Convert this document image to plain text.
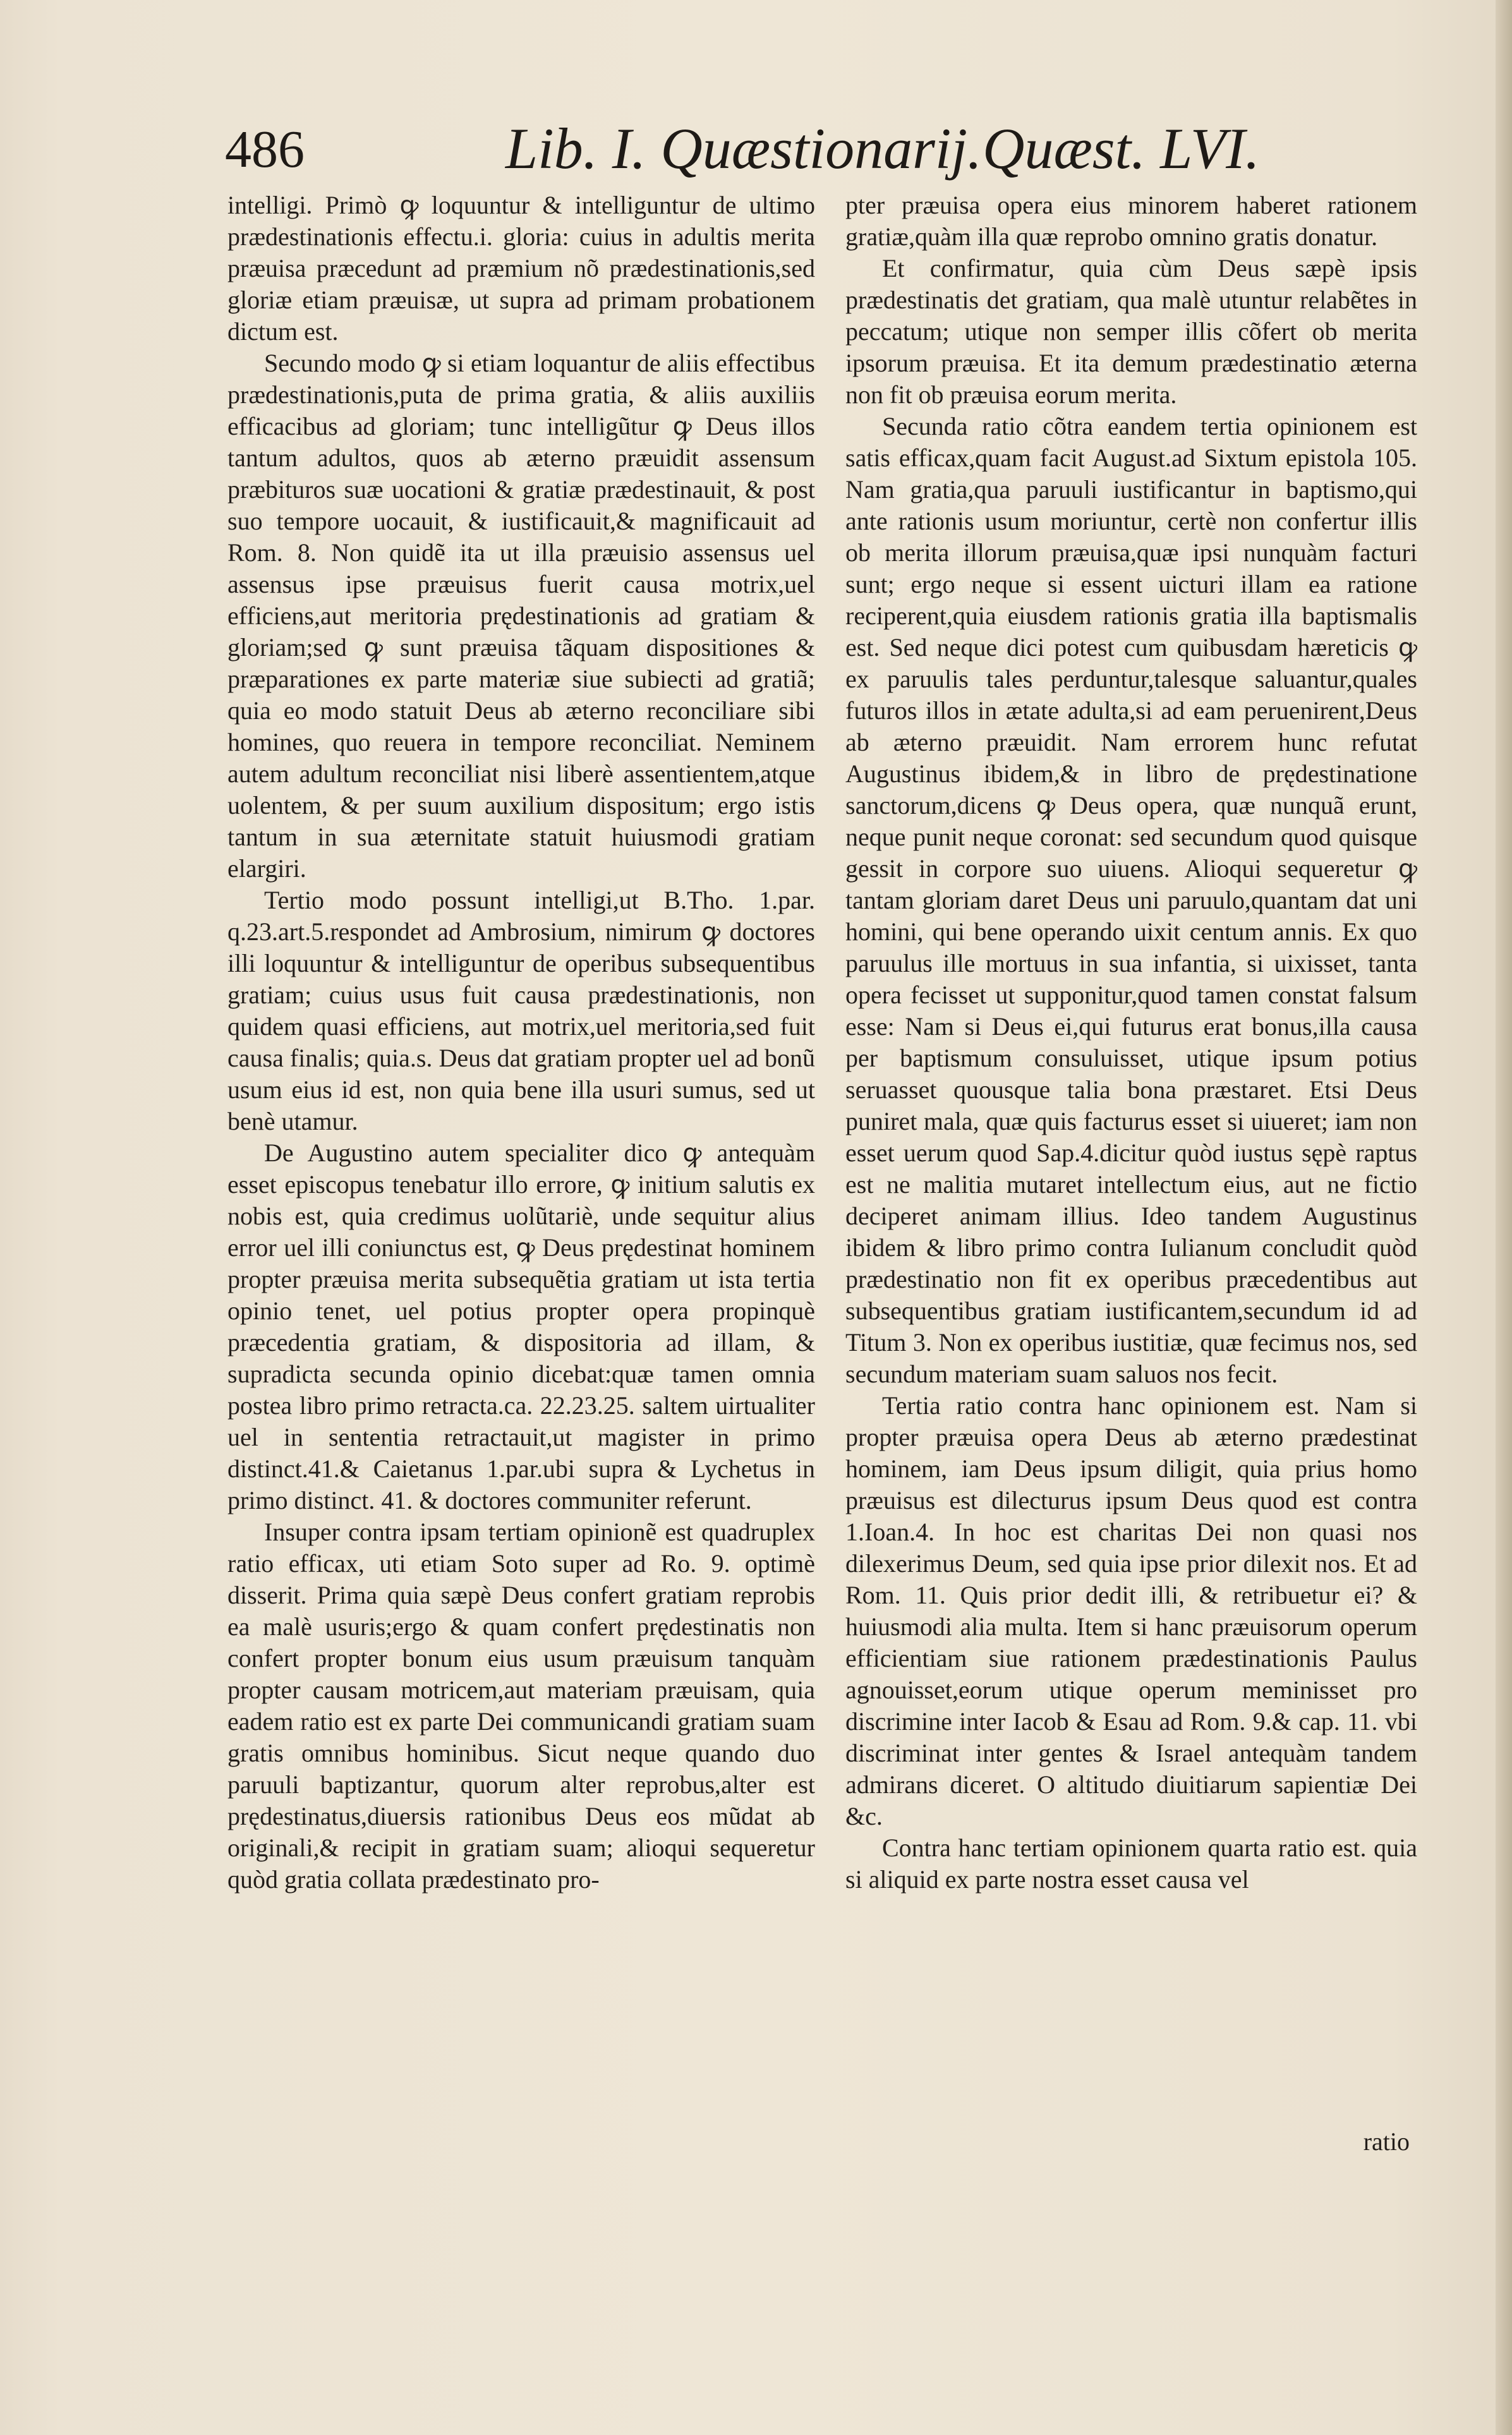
486	Lib. I. Quæstionarij. Quæst. LVI.

intelligi. Primò ꝙ loquuntur & intelliguntur de ultimo prædestinationis effectu.i. gloria: cuius in adultis merita præuisa præcedunt ad præmium nõ prædestinationis,sed gloriæ etiam præuisæ, ut supra ad primam probationem dictum est.

Secundo modo ꝙ si etiam loquantur de aliis effectibus prædestinationis,puta de prima gratia, & aliis auxiliis efficacibus ad gloriam; tunc intelligũtur ꝙ Deus illos tantum adultos, quos ab æterno præuidit assensum præbituros suæ uocationi & gratiæ prædestinauit, & post suo tempore uocauit, & iustificauit,& magnificauit ad Rom. 8. Non quidẽ ita ut illa præuisio assensus uel assensus ipse præuisus fuerit causa motrix,uel efficiens,aut meritoria prędestinationis ad gratiam & gloriam;sed ꝙ sunt præuisa tãquam dispositiones & præparationes ex parte materiæ siue subiecti ad gratiã; quia eo modo statuit Deus ab æterno reconciliare sibi homines, quo reuera in tempore reconciliat. Neminem autem adultum reconciliat nisi liberè assentientem,atque uolentem, & per suum auxilium dispositum; ergo istis tantum in sua æternitate statuit huiusmodi gratiam elargiri.

Tertio modo possunt intelligi,ut B.Tho. 1.par. q.23.art.5.respondet ad Ambrosium, nimirum ꝙ doctores illi loquuntur & intelliguntur de operibus subsequentibus gratiam; cuius usus fuit causa prædestinationis, non quidem quasi efficiens, aut motrix,uel meritoria,sed fuit causa finalis; quia.s. Deus dat gratiam propter uel ad bonũ usum eius id est, non quia bene illa usuri sumus, sed ut benè utamur.

De Augustino autem specialiter dico ꝙ antequàm esset episcopus tenebatur illo errore, ꝙ initium salutis ex nobis est, quia credimus uolũtariè, unde sequitur alius error uel illi coniunctus est, ꝙ Deus prędestinat hominem propter præuisa merita subsequẽtia gratiam ut ista tertia opinio tenet, uel potius propter opera propinquè præcedentia gratiam, & dispositoria ad illam, & supradicta secunda opinio dicebat:quæ tamen omnia postea libro primo retracta.ca. 22.23.25. saltem uirtualiter uel in sententia retractauit,ut magister in primo distinct.41.& Caietanus 1.par.ubi supra & Lychetus in primo distinct. 41. & doctores communiter referunt.

Insuper contra ipsam tertiam opinionẽ est quadruplex ratio efficax, uti etiam Soto super ad Ro. 9. optimè disserit. Prima quia sæpè Deus confert gratiam reprobis ea malè usuris;ergo & quam confert prędestinatis non confert propter bonum eius usum præuisum tanquàm propter causam motricem,aut materiam præuisam, quia eadem ratio est ex parte Dei communicandi gratiam suam gratis omnibus hominibus. Sicut neque quando duo paruuli baptizantur, quorum alter reprobus,alter est prędestinatus,diuersis rationibus Deus eos mũdat ab originali,& recipit in gratiam suam; alioqui sequeretur quòd gratia collata prædestinato pro-

pter præuisa opera eius minorem haberet rationem gratiæ,quàm illa quæ reprobo omnino gratis donatur.

Et confirmatur, quia cùm Deus sæpè ipsis prædestinatis det gratiam, qua malè utuntur relabẽtes in peccatum; utique non semper illis cõfert ob merita ipsorum præuisa. Et ita demum prædestinatio æterna non fit ob præuisa eorum merita.

Secunda ratio cõtra eandem tertia opinionem est satis efficax,quam facit August.ad Sixtum epistola 105. Nam gratia,qua paruuli iustificantur in baptismo,qui ante rationis usum moriuntur, certè non confertur illis ob merita illorum præuisa,quæ ipsi nunquàm facturi sunt; ergo neque si essent uicturi illam ea ratione reciperent,quia eiusdem rationis gratia illa baptismalis est. Sed neque dici potest cum quibusdam hæreticis ꝙ ex paruulis tales perduntur,talesque saluantur,quales futuros illos in ætate adulta,si ad eam peruenirent,Deus ab æterno præuidit. Nam errorem hunc refutat Augustinus ibidem,& in libro de prędestinatione sanctorum,dicens ꝙ Deus opera, quæ nunquã erunt, neque punit neque coronat: sed secundum quod quisque gessit in corpore suo uiuens. Alioqui sequeretur ꝙ tantam gloriam daret Deus uni paruulo,quantam dat uni homini, qui bene operando uixit centum annis. Ex quo paruulus ille mortuus in sua infantia, si uixisset, tanta opera fecisset ut supponitur,quod tamen constat falsum esse: Nam si Deus ei,qui futurus erat bonus,illa causa per baptismum consuluisset, utique ipsum potius seruasset quousque talia bona præstaret. Etsi Deus puniret mala, quæ quis facturus esset si uiueret; iam non esset uerum quod Sap.4.dicitur quòd iustus sępè raptus est ne malitia mutaret intellectum eius, aut ne fictio deciperet animam illius. Ideo tandem Augustinus ibidem & libro primo contra Iulianum concludit quòd prædestinatio non fit ex operibus præcedentibus aut subsequentibus gratiam iustificantem,secundum id ad Titum 3. Non ex operibus iustitiæ, quæ fecimus nos, sed secundum materiam suam saluos nos fecit.

Tertia ratio contra hanc opinionem est. Nam si propter præuisa opera Deus ab æterno prædestinat hominem, iam Deus ipsum diligit, quia prius homo præuisus est dilecturus ipsum Deus quod est contra 1.Ioan.4. In hoc est charitas Dei non quasi nos dilexerimus Deum, sed quia ipse prior dilexit nos. Et ad Rom. 11. Quis prior dedit illi, & retribuetur ei? & huiusmodi alia multa. Item si hanc præuisorum operum efficientiam siue rationem prædestinationis Paulus agnouisset,eorum utique operum meminisset pro discrimine inter Iacob & Esau ad Rom. 9.& cap. 11. vbi discriminat inter gentes & Israel antequàm tandem admirans diceret. O altitudo diuitiarum sapientiæ Dei &c.

Contra hanc tertiam opinionem quarta ratio est. quia si aliquid ex parte nostra esset causa vel

ratio
